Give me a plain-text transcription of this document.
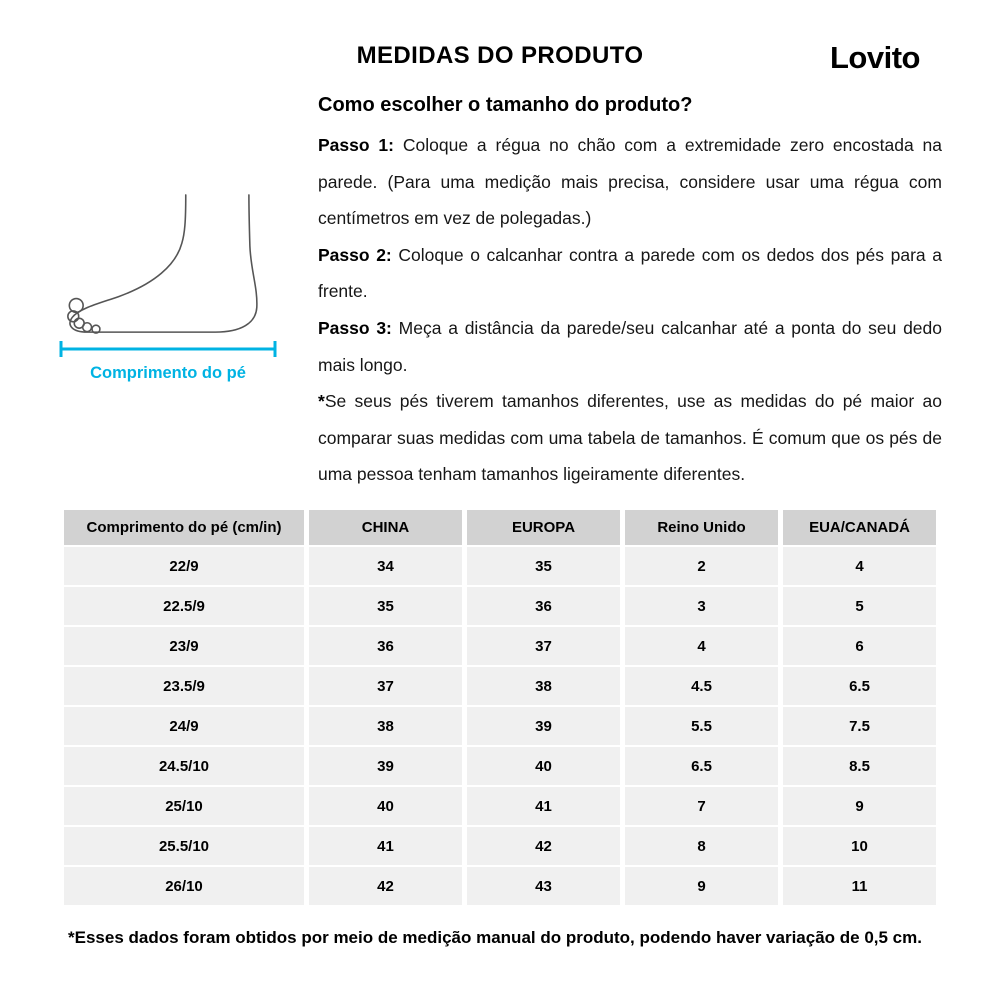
MEDIDAS DO PRODUTO	Lovito
Comprimento do pé
Como escolher o tamanho do produto?

Passo 1: Coloque a régua no chão com a extremidade zero encostada na parede. (Para uma medição mais precisa, considere usar uma régua com centímetros em vez de polegadas.)

Passo 2: Coloque o calcanhar contra a parede com os dedos dos pés para a frente.

Passo 3: Meça a distância da parede/seu calcanhar até a ponta do seu dedo mais longo.

*Se seus pés tiverem tamanhos diferentes, use as medidas do pé maior ao comparar suas medidas com uma tabela de tamanhos. É comum que os pés de uma pessoa tenham tamanhos ligeiramente diferentes.

Comprimento do pé (cm/in)	CHINA	EUROPA	Reino Unido	EUA/CANADÁ
22/9	34	35	2	4
22.5/9	35	36	3	5
23/9	36	37	4	6
23.5/9	37	38	4.5	6.5
24/9	38	39	5.5	7.5
24.5/10	39	40	6.5	8.5
25/10	40	41	7	9
25.5/10	41	42	8	10
26/10	42	43	9	11
*Esses dados foram obtidos por meio de medição manual do produto, podendo haver variação de 0,5 cm.
